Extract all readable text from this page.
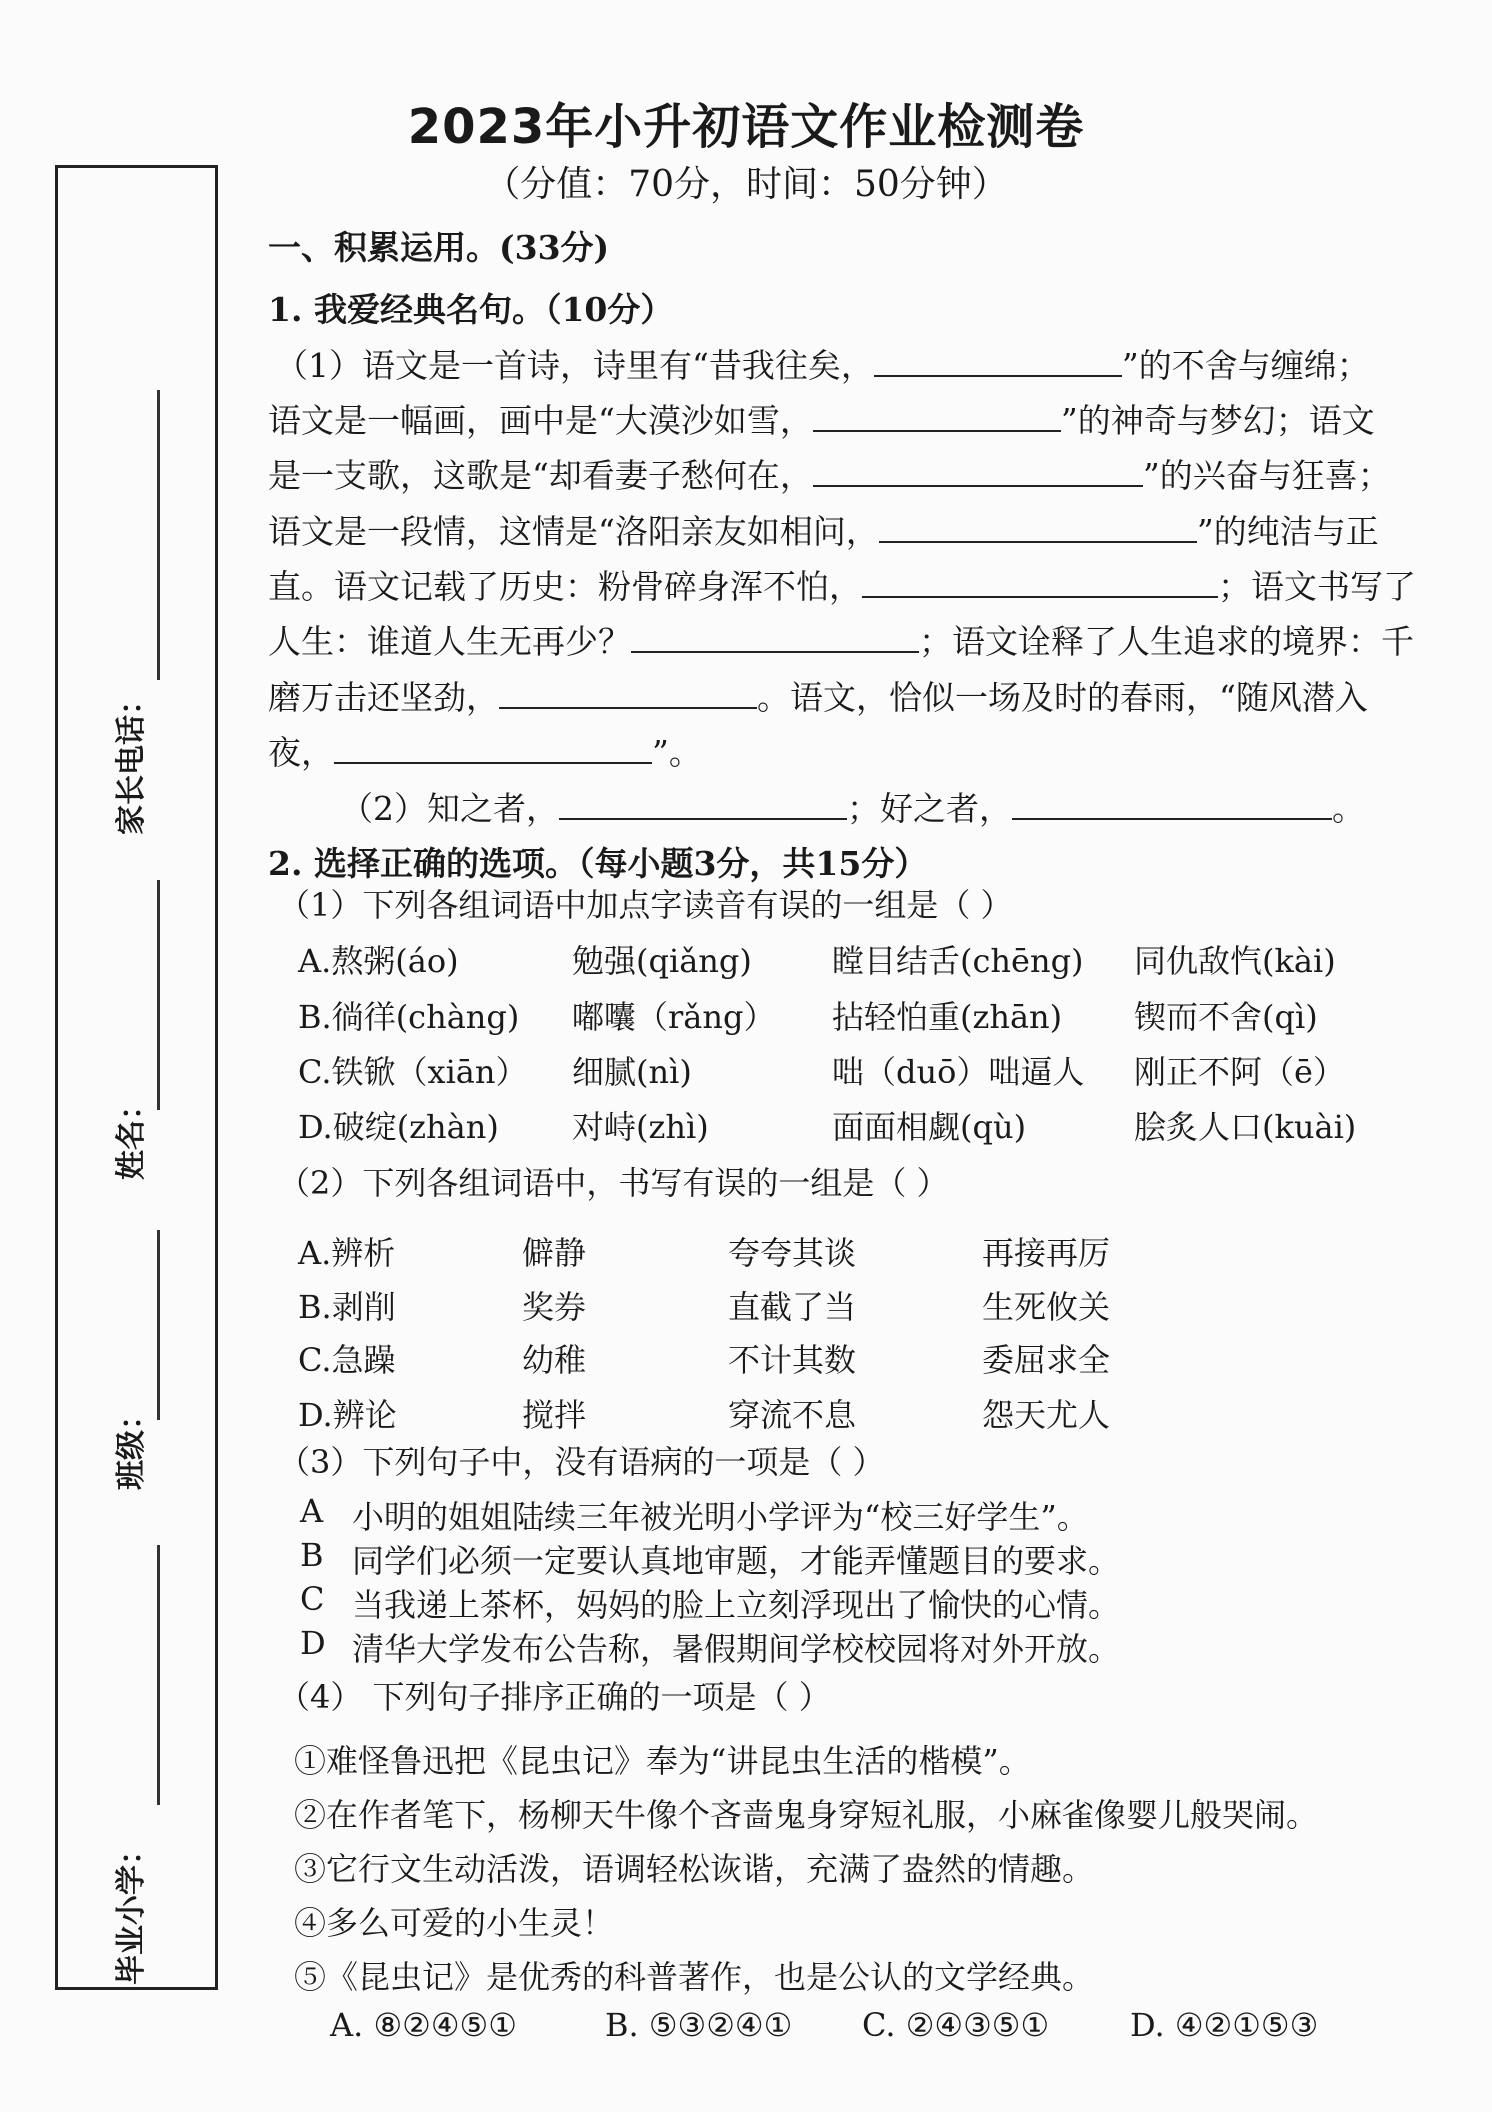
2023年小升初语文作业检测卷
（分值：70分，时间：50分钟）
家长电话：
姓名：
班级：
毕业小学：
一、积累运用。(33分)
1. 我爱经典名句。（10分）
（1）语文是一首诗，诗里有“昔我往矣，	”的不舍与缠绵；
语文是一幅画，画中是“大漠沙如雪，	”的神奇与梦幻；语文
是一支歌，这歌是“却看妻子愁何在，	”的兴奋与狂喜；
语文是一段情，这情是“洛阳亲友如相问，	”的纯洁与正
直。语文记载了历史：粉骨碎身浑不怕，	；语文书写了
人生：谁道人生无再少？	；语文诠释了人生追求的境界：千
磨万击还坚劲，	。语文，恰似一场及时的春雨，“随风潜入
夜，	”。
（2）知之者，	；好之者，	。
2. 选择正确的选项。（每小题3分，共15分）
（1）下列各组词语中加点字读音有误的一组是（ ）
A.熬粥(áo)	勉强(qiǎng)	瞠目结舌(chēng) 同仇敌忾(kài)
B.徜徉(chàng) 嘟囔（rǎng） 拈轻怕重(zhān) 锲而不舍(qì)
C.铁锨（xiān） 细腻(nì)	咄（duō）咄逼人 刚正不阿（ē）
D.破绽(zhàn) 对峙(zhì)	面面相觑(qù)	脍炙人口(kuài)
（2）下列各组词语中，书写有误的一组是（ ）
A.辨析	僻静	夸夸其谈	再接再厉
B.剥削	奖券	直截了当	生死攸关
C.急躁	幼稚	不计其数	委屈求全
D.辨论	搅拌	穿流不息	怨天尤人
（3）下列句子中，没有语病的一项是（ ）
A 小明的姐姐陆续三年被光明小学评为“校三好学生”。
B 同学们必须一定要认真地审题，才能弄懂题目的要求。
C 当我递上茶杯，妈妈的脸上立刻浮现出了愉快的心情。
D 清华大学发布公告称，暑假期间学校校园将对外开放。
（4） 下列句子排序正确的一项是（ ）
①难怪鲁迅把《昆虫记》奉为“讲昆虫生活的楷模”。
②在作者笔下，杨柳天牛像个吝啬鬼身穿短礼服，小麻雀像婴儿般哭闹。
③它行文生动活泼，语调轻松诙谐，充满了盎然的情趣。
④多么可爱的小生灵！
⑤《昆虫记》是优秀的科普著作，也是公认的文学经典。
A. ⑧②④⑤①	B. ⑤③②④① C. ②④③⑤①	D. ④②①⑤③
